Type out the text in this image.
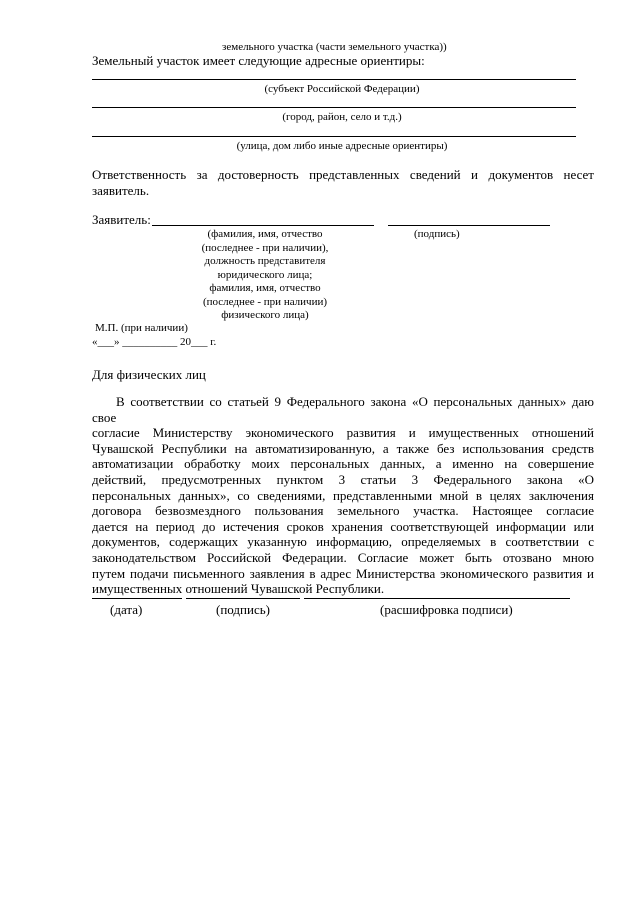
земельного участка (части земельного участка))
Земельный участок имеет следующие адресные ориентиры:
(субъект Российской Федерации)
(город, район, село и т.д.)
(улица, дом либо иные адресные ориентиры)
Ответственность за достоверность представленных сведений и документов несет
заявитель.
Заявитель:
(фамилия, имя, отчество
(последнее - при наличии),
должность представителя
юридического лица;
фамилия, имя, отчество
(последнее - при наличии)
физического лица)
(подпись)
М.П. (при наличии)
«___» __________ 20___ г.
Для физических лиц
В соответствии со статьей 9 Федерального закона «О персональных данных» даю свое
согласие Министерству экономического развития и имущественных отношений
Чувашской Республики на автоматизированную, а также без использования средств
автоматизации обработку моих персональных данных, а именно на совершение
действий, предусмотренных пунктом 3 статьи 3 Федерального закона «О
персональных данных», со сведениями, представленными мной в целях заключения
договора безвозмездного пользования земельного участка. Настоящее согласие
дается на период до истечения сроков хранения соответствующей информации или
документов, содержащих указанную информацию, определяемых в соответствии с
законодательством Российской Федерации. Согласие может быть отозвано мною
путем подачи письменного заявления в адрес Министерства экономического развития и
имущественных отношений Чувашской Республики.
(дата)	(подпись)	(расшифровка подписи)
